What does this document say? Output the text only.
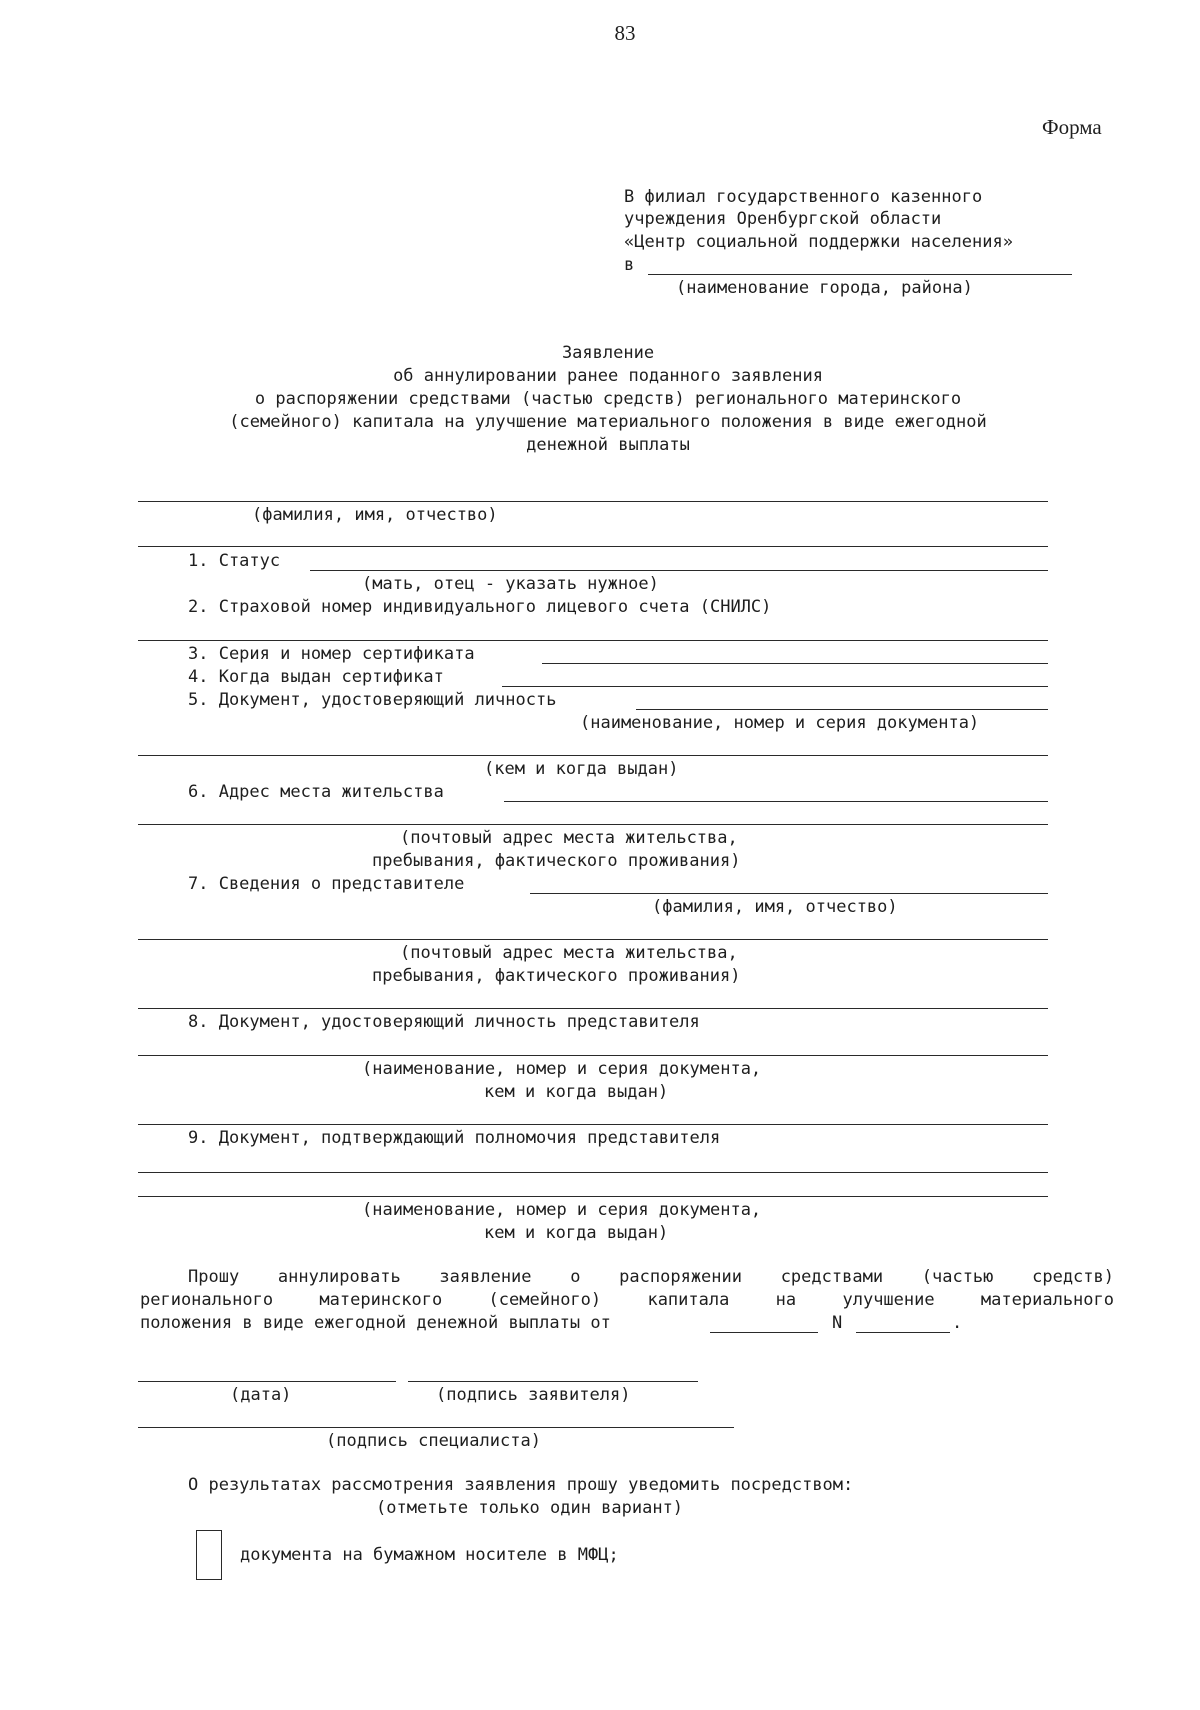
83
Форма
В филиал государственного казенного
учреждения Оренбургской области
«Центр социальной поддержки населения»
в
(наименование города, района)
Заявление
об аннулировании ранее поданного заявления
о распоряжении средствами (частью средств) регионального материнского
(семейного) капитала на улучшение материального положения в виде ежегодной
денежной выплаты
(фамилия, имя, отчество)
1. Статус
(мать, отец - указать нужное)
2. Страховой номер индивидуального лицевого счета (СНИЛС)
3. Серия и номер сертификата
4. Когда выдан сертификат
5. Документ, удостоверяющий личность
(наименование, номер и серия документа)
(кем и когда выдан)
6. Адрес места жительства
(почтовый адрес места жительства,
пребывания, фактического проживания)
7. Сведения о представителе
(фамилия, имя, отчество)
(почтовый адрес места жительства,
пребывания, фактического проживания)
8. Документ, удостоверяющий личность представителя
(наименование, номер и серия документа,
кем и когда выдан)
9. Документ, подтверждающий полномочия представителя
(наименование, номер и серия документа,
кем и когда выдан)
Прошу аннулировать заявление о распоряжении средствами (частью средств)
регионального материнского (семейного) капитала на улучшение материального
положения в виде ежегодной денежной выплаты от	N	.
(дата)	(подпись заявителя)
(подпись специалиста)
О результатах рассмотрения заявления прошу уведомить посредством:
(отметьте только один вариант)
документа на бумажном носителе в МФЦ;
